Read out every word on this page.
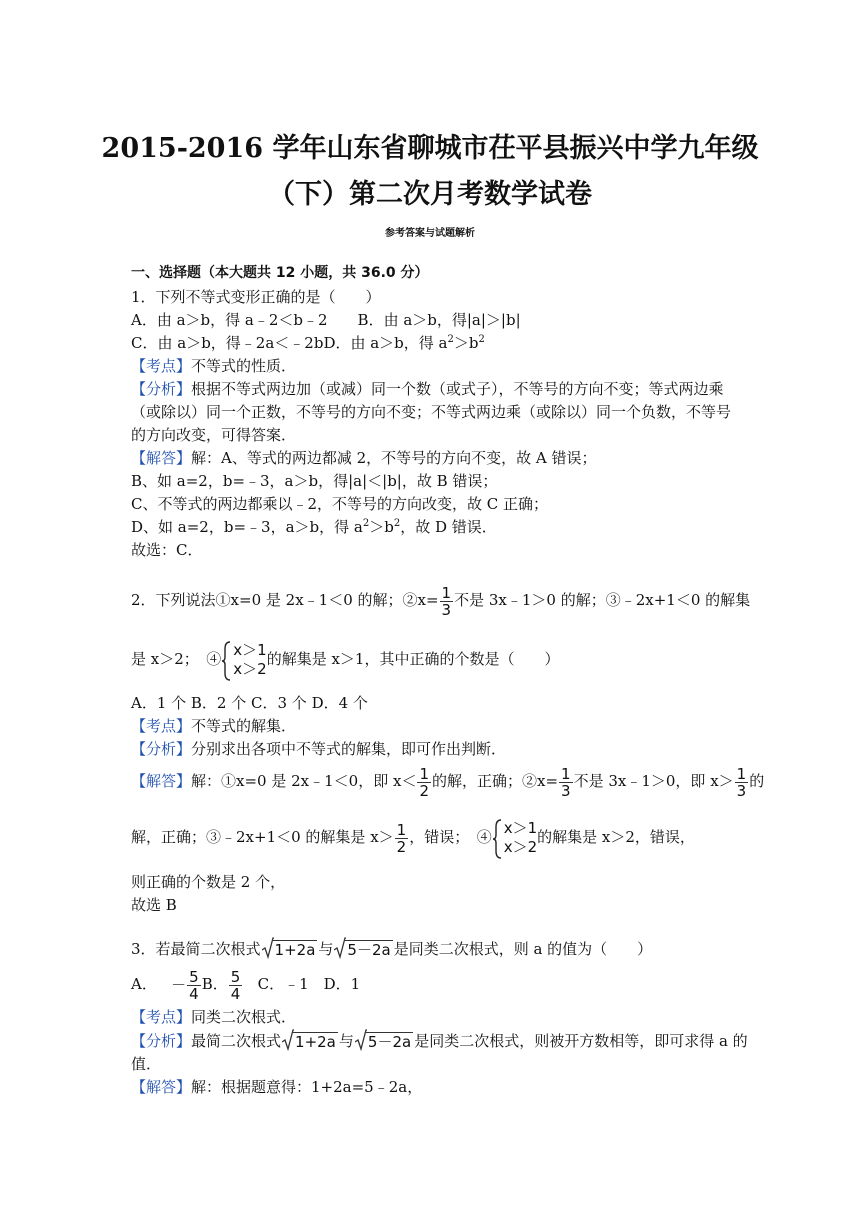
2015-2016 学年山东省聊城市茌平县振兴中学九年级
（下）第二次月考数学试卷
参考答案与试题解析
一、选择题（本大题共 12 小题，共 36.0 分）
1．下列不等式变形正确的是（　　）
A．由 a＞b，得 a﹣2＜b﹣2　　B．由 a＞b，得|a|＞|b|
C．由 a＞b，得﹣2a＜﹣2bD．由 a＞b，得 $a^2>b^2$
【考点】不等式的性质．
【分析】根据不等式两边加（或减）同一个数（或式子），不等号的方向不变；等式两边乘
（或除以）同一个正数，不等号的方向不变；不等式两边乘（或除以）同一个负数，不等号
的方向改变，可得答案．
【解答】解：A、等式的两边都减 2，不等号的方向不变，故 A 错误；
B、如 a=2，b=﹣3，a＞b，得|a|＜|b|，故 B 错误；
C、不等式的两边都乘以﹣2，不等号的方向改变，故 C 正确；
D、如 a=2，b=﹣3，a＞b，得 $a^2>b^2$，故 D 错误．
故选：C．
2．下列说法①x=0 是 2x﹣1＜0 的解；②x= $\frac{1}{3}$ 不是 3x﹣1＞0 的解；③﹣2x+1＜0 的解集
是 x＞2；　④ x＞1
x＞2
的解集是 x＞1，其中正确的个数是（　　）
A．1 个 B．2 个 C．3 个 D．4 个
【考点】不等式的解集．
【分析】分别求出各项中不等式的解集，即可作出判断．
【解答】解：①x=0 是 2x﹣1＜0，即 $x< \frac{1}{2}$ 的解，正确；②x= $\frac{1}{3}$ 不是 3x﹣1＞0，即 $x> \frac{1}{3}$ 的
解，正确；③﹣2x+1＜0 的解集是 $x> \frac{1}{2}$ ，错误；　④ x＞1
x＞2
的解集是 x＞2，错误，
则正确的个数是 2 个，
故选 B
3．若最简二次根式 1+2a 与 5－2a 是同类二次根式，则 a 的值为（　　）
A． － $\frac{5}{4}$ B． $\frac{5}{4}$ C．﹣1　D．1
【考点】同类二次根式．
【分析】最简二次根式 1+2a 与 5－2a 是同类二次根式，则被开方数相等，即可求得 a 的
值．
【解答】解：根据题意得：1+2a=5﹣2a，
